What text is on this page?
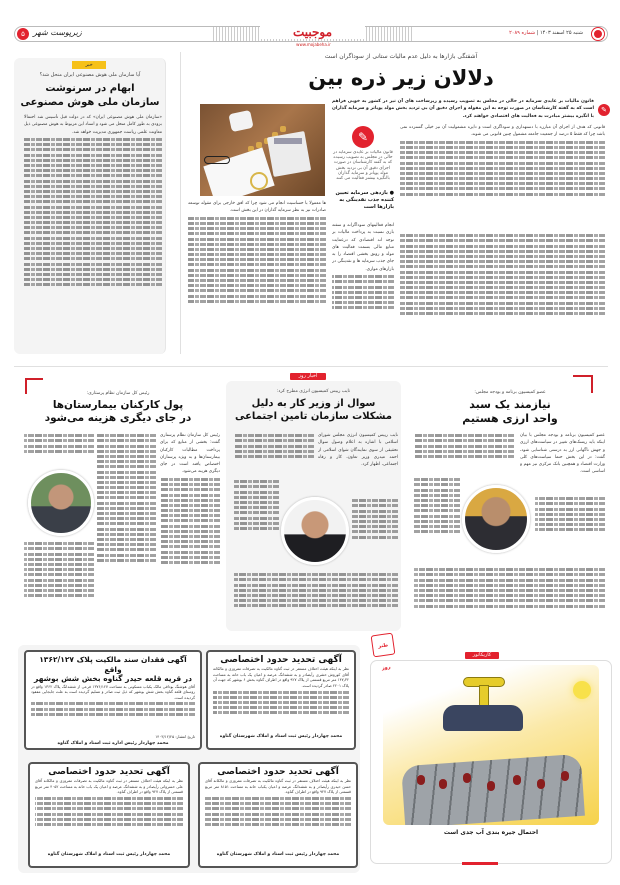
۵	زیرپوست شهر	موجبیت
www.mojabeha.ir
شنبه ۲۵ اسفند ۱۴۰۳ | شماره ۲۰۸۹
آشفتگی بازارها به دلیل عدم مالیات ستانی از سوداگران است
دلالان زیر ذره بین
✎
قانون مالیات بر عایدی سرمایه در حالی در مجلس به تصویب رسیده و زیرساخت های آن نیز در کشور به خوبی فراهم است که به گفته کارشناسان در صورت توجه به این مقوله و اجرای دقیق آن بی تردید بخش مولد پویاتر و سرمایه گذاران با انگیزه بیشتر مبادرت به فعالیت های اقتصادی خواهند کرد.
✎
قانون مالیات بر عایدی سرمایه در حالی در مجلس به تصویب رسیده که به گفته کارشناسان در صورت اجرای دقیق آن بی تردید بخش مولد پویاتر و سرمایه گذاران باانگیزه بیشتر فعالیت می کنند
قانونی که هدف از اجرای آن مبارزه با دستهداری و سوداگری است و دایره مشمولیت آن نیز خیلی گسترده نمی باشد چرا که فقط ۵ درصد از جمعیت جامعه مشمول چنین قانونی می شوند.
● بازدهی سرمایه تعیین کننده جذب نقدینگی به بازارها است
انجام فعالیتهای سوداگرانه و سفته بازی نسبت به پرداخت مالیات بر توجه اند افتصادی که درعمایت منابع مالی بسمت فعالیت های مولد و رونق بخشی اقتصاد را به جای جذب سرمایه ها و نقدینگی در بازارهای موازی.
ها معمولا با حساسیت انجام می شود چرا که افق خارجی برای مقوله توسعه صادرات نیز به نظر سرمایه گذاران در این بخش است.
خبر
آیا سازمان ملی هوش مصنوعی ایران منحل شد؟
ابهام در سرنوشت
سازمان ملی هوش مصنوعی
«سازمان ملی هوش مصنوعی ایران» که در دولت قبل تأسیس شد احتمالا بزودی به طور کامل منحل می شود و اسناد این مربوط به هوش مصنوعی ذیل معاونت علمی ریاست جمهوری مدیریت خواهد شد.
عضو کمیسیون برنامه و بودجه مجلس:
نیازمند یک سبد
واحد ارزی هستیم
عضو کمیسیون برنامه و بودجه مجلس با بیان اینکه باید ریسک‌های تغییر در سیاست‌های ارزی و جهش ناگهانی ارز به درستی شناسایی شود، گفت: در این بخش حتما سیاست‌های کلی وزارت اقتصاد و همچنین بانک مرکزی نیز مهم و اساسی است.
اخبار روز
نایب رییس کمیسیون انرژی مطرح کرد:
سوال از وزیر کار به دلیل
مشکلات سازمان تامین اجتماعی
نایب رییس کمیسیون انرژی مجلس شورای اسلامی با اشاره به اعلام وصول سوال تحقیقی از سوی نمایندگان شوای اسلامی از احمد میدری وزیر تعاون، کار و رفاه اجتماعی، اظهار کرد.
رئیس کل سازمان نظام پرستاری:
پول کارکنان بیمارستان‌ها
در جای دیگری هزینه می‌شود
رئیس کل سازمان نظام پرستاری گفت: بخشی از منابع که برای پرداخت مطالبات کارکنان بیمارستان‌ها و به ویژه پرستاران اختصاص یافته است در جای دیگری هزینه می‌شود.
آگهی تحدید حدود اختصاصی
نظر به اینکه هیئت اختلاف مستقر در ثبت گناوه مالکیت به تصرفات مفروزی و مالکانه آقای کوروش خشری رأیصادر و به ششدانگ عرصه و اعیان یک باب خانه به مساحت ۱۴۷٫۳۲ متر مربع قسمتی از پلاک ۹۲۷ واقع در اطراف گناوه بخش ۶ بوشهر که جهت آن پلاک ۲۲۰۱ صادر گردیده است.
محمد چهاردار رئیس ثبت اسناد و املاک شهرستان گناوه
آگهی فقدان سند مالکیت پلاک ۱۳۶۲/۱۲۷ واقع
در قریه قلعه حیدر گناوه بخش شش بوشهر
آقای هوشنگ بوداقی مالک یکباب مسکونی به مساحت ۱۳۷۶/۱۲۷ فرعی از ششدانگ پلاک ۱۳۶۲ واقع در روستای قلعه گناوه بخش شش بوشهر که ذیل ثبت صادر و تسلیم گردیده است به علت جابجایی مفقود گردیده است.
تاریخ انتشار: ۱۴۰۳/۱۲/۲۵
محمد چهاردار رئیس اداره ثبت اسناد و املاک گناوه
آگهی تحدید حدود اختصاصی
نظر به اینکه هیئت اختلاف مستقر در ثبت گناوه مالکیت به تصرفات مفروزی و مالکانه آقای حسن حیدری رأیصادر و به ششدانگ عرصه و اعیان یکباب خانه به مساحت ۸۱۵۱ متر مربع قسمتی از پلاک ۹۲۷ واقع در اطراف گناوه.
محمد چهاردار رئیس ثبت اسناد و املاک شهرستان گناوه
آگهی تحدید حدود اختصاصی
نظر به اینکه هیئت اختلاف مستقر در ثبت گناوه مالکیت به تصرفات مفروزی و مالکانه آقای علی خسروانی رأیصادر و به ششدانگ عرصه و اعیان یک باب خانه به مساحت ۴۰۵۲ متر مربع قسمتی از پلاک ۹۲۷ واقع در اطراف گناوه.
محمد چهاردار رئیس ثبت اسناد و املاک شهرستان گناوه
کاریکاتور
طنز روز
احتمال جیره بندی آب جدی است
